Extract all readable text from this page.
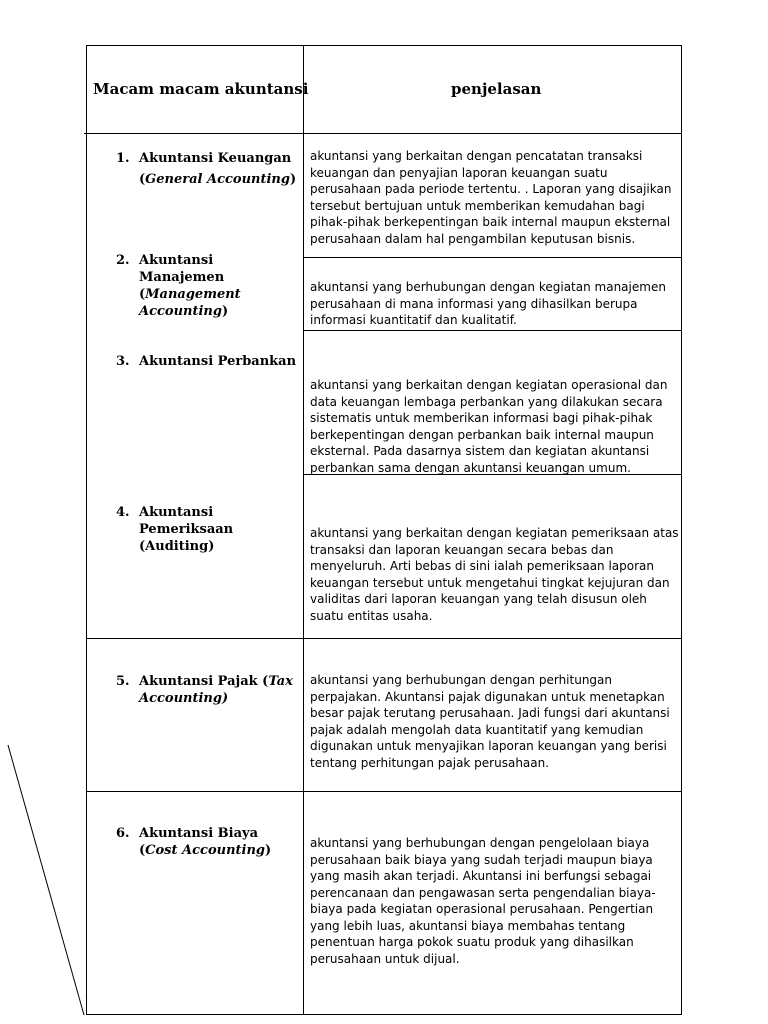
Macam macam akuntansi	penjelasan
1. Akuntansi Keuangan
(General Accounting)
akuntansi yang berkaitan dengan pencatatan transaksi keuangan dan penyajian laporan keuangan suatu perusahaan pada periode tertentu. . Laporan yang disajikan tersebut bertujuan untuk memberikan kemudahan bagi pihak-pihak berkepentingan baik internal maupun eksternal perusahaan dalam hal pengambilan keputusan bisnis.
2. Akuntansi Manajemen
(Management Accounting)
akuntansi yang berhubungan dengan kegiatan manajemen perusahaan di mana informasi yang dihasilkan berupa informasi kuantitatif dan kualitatif.
3. Akuntansi Perbankan
akuntansi yang berkaitan dengan kegiatan operasional dan data keuangan lembaga perbankan yang dilakukan secara sistematis untuk memberikan informasi bagi pihak-pihak berkepentingan dengan perbankan baik internal maupun eksternal. Pada dasarnya sistem dan kegiatan akuntansi perbankan sama dengan akuntansi keuangan umum.
4. Akuntansi Pemeriksaan (Auditing)
akuntansi yang berkaitan dengan kegiatan pemeriksaan atas transaksi dan laporan keuangan secara bebas dan menyeluruh. Arti bebas di sini ialah pemeriksaan laporan keuangan tersebut untuk mengetahui tingkat kejujuran dan validitas dari laporan keuangan yang telah disusun oleh suatu entitas usaha.
5. Akuntansi Pajak (Tax Accounting)
akuntansi yang berhubungan dengan perhitungan perpajakan. Akuntansi pajak digunakan untuk menetapkan besar pajak terutang perusahaan. Jadi fungsi dari akuntansi pajak adalah mengolah data kuantitatif yang kemudian digunakan untuk menyajikan laporan keuangan yang berisi tentang perhitungan pajak perusahaan.
6. Akuntansi Biaya (Cost Accounting)	akuntansi yang berhubungan dengan pengelolaan biaya perusahaan baik biaya yang sudah terjadi maupun biaya yang masih akan terjadi. Akuntansi ini berfungsi sebagai perencanaan dan pengawasan serta pengendalian biaya-biaya pada kegiatan operasional perusahaan. Pengertian yang lebih luas, akuntansi biaya membahas tentang penentuan harga pokok suatu produk yang dihasilkan perusahaan untuk dijual.
